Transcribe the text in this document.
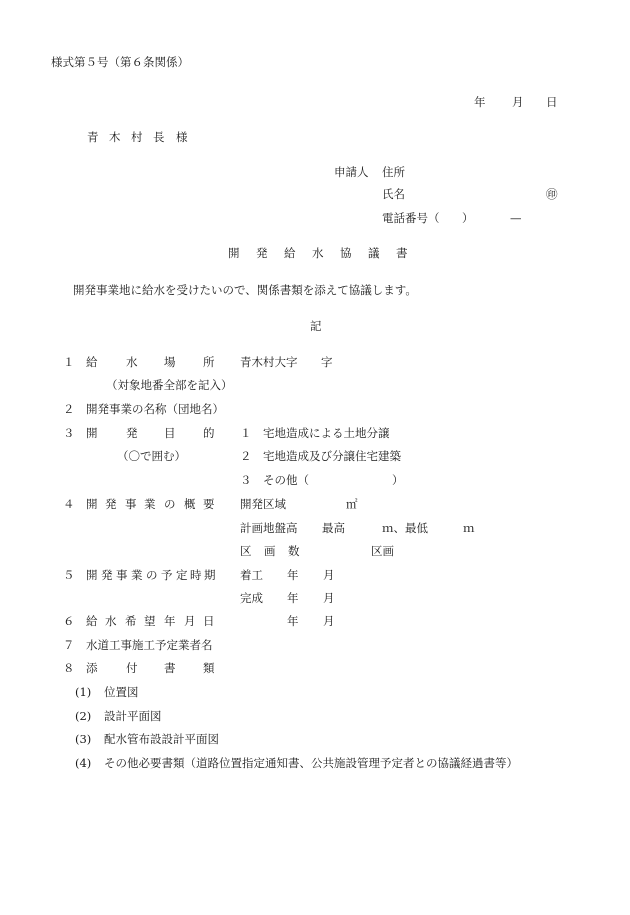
様式第５号（第６条関係）
年 月 日
青 木 村 長 様
申請人 住所
氏名	㊞
電話番号（ ）	—
開 発 給 水 協 議 書
開発事業地に給水を受けたいので、関係書類を添えて協議します。
記
１ 給 水 場 所 青木村大字 字
（対象地番全部を記入）
２ 開発事業の名称（団地名）
３ 開 発 目 的
（〇で囲む）
１ 宅地造成による土地分譲
２ 宅地造成及び分譲住宅建築
３ その他（	）
４ 開 発 事 業 の 概 要 開発区域	㎡
計画地盤高 最高	ｍ、最低	ｍ
区 画 数	区画
５ 開 発 事 業 の 予 定 時 期 着工 年 月
完成 年 月
６ 給 水 希 望 年 月 日	年 月
７ 水道工事施工予定業者名
８ 添 付 書 類
(1) 位置図
(2) 設計平面図
(3) 配水管布設設計平面図
(4) その他必要書類（道路位置指定通知書、公共施設管理予定者との協議経過書等）
